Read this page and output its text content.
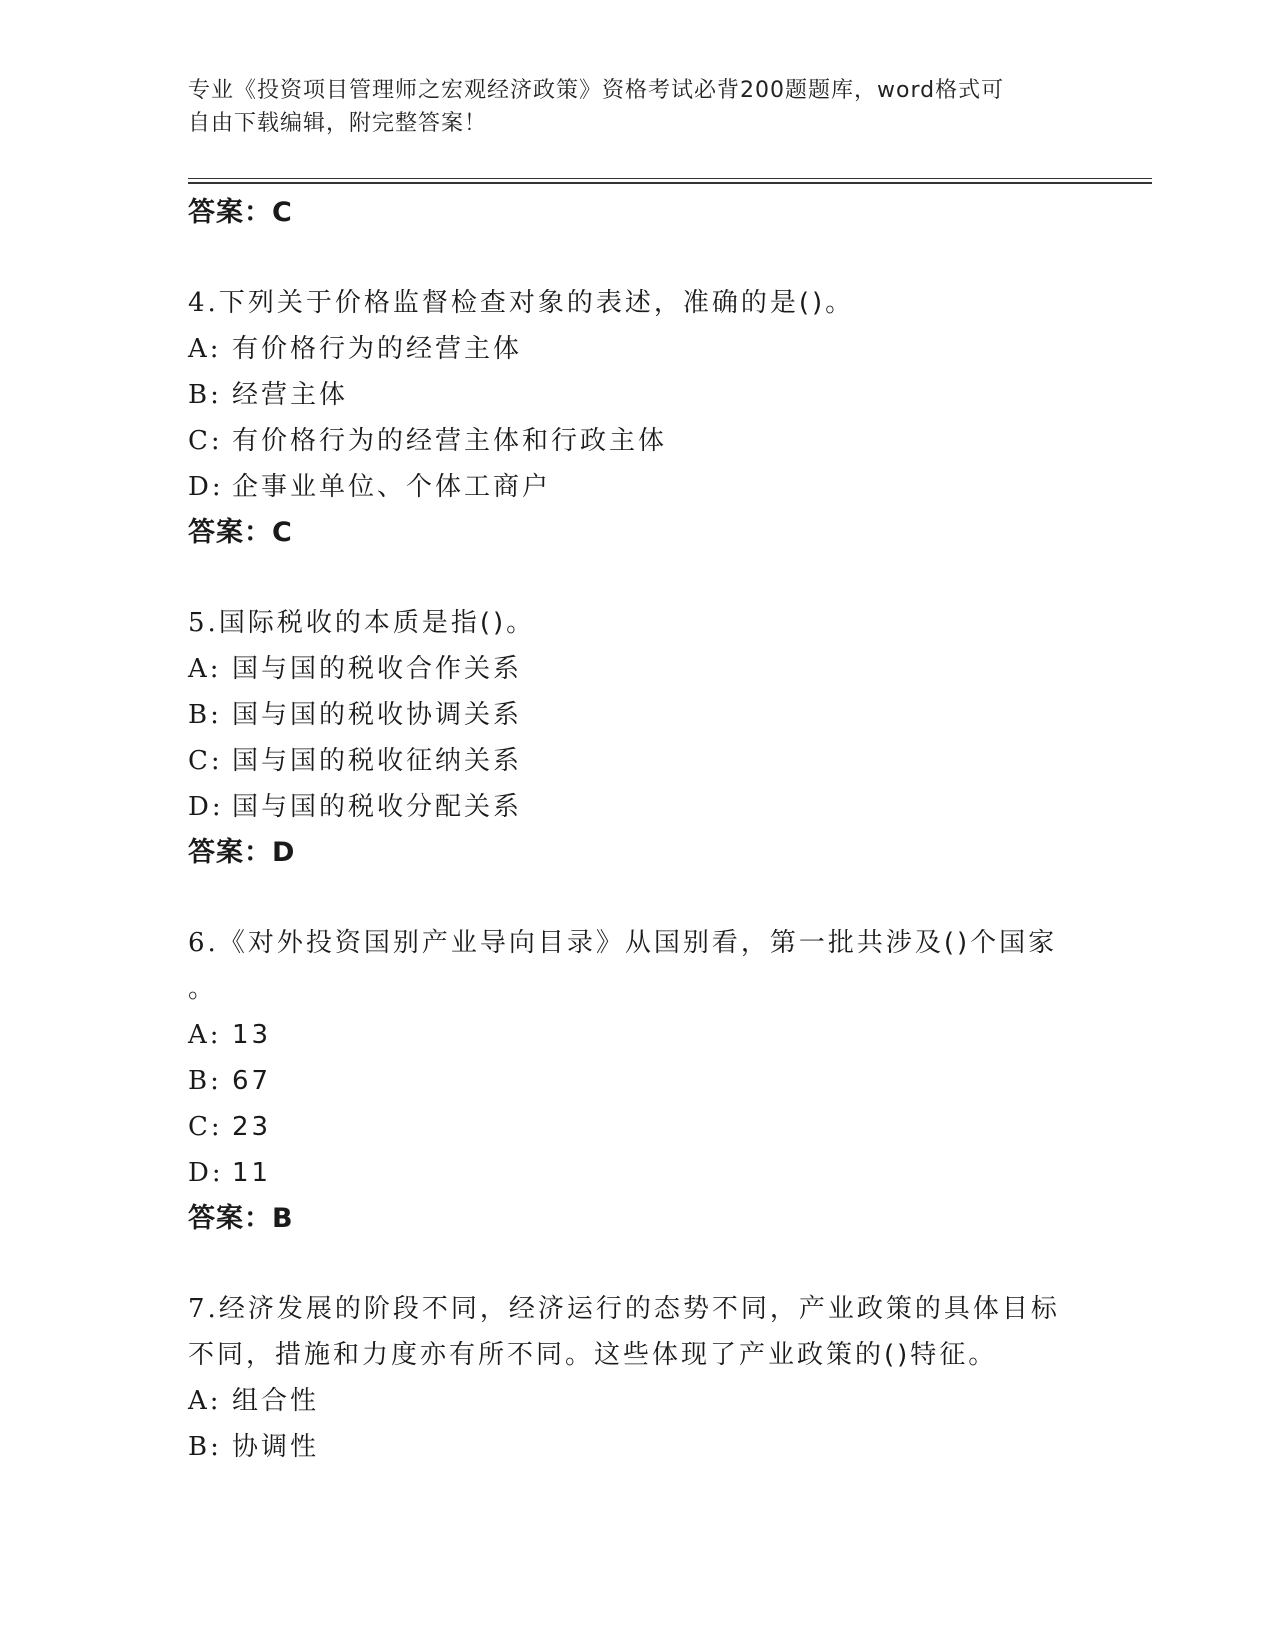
专业《投资项目管理师之宏观经济政策》资格考试必背200题题库，word格式可
自由下载编辑，附完整答案！
答案：C
4.下列关于价格监督检查对象的表述，准确的是()。
A: 有价格行为的经营主体
B: 经营主体
C: 有价格行为的经营主体和行政主体
D: 企事业单位、个体工商户
答案：C
5.国际税收的本质是指()。
A: 国与国的税收合作关系
B: 国与国的税收协调关系
C: 国与国的税收征纳关系
D: 国与国的税收分配关系
答案：D
6.《对外投资国别产业导向目录》从国别看，第一批共涉及()个国家
。
A: 13
B: 67
C: 23
D: 11
答案：B
7.经济发展的阶段不同，经济运行的态势不同，产业政策的具体目标
不同，措施和力度亦有所不同。这些体现了产业政策的()特征。
A: 组合性
B: 协调性
